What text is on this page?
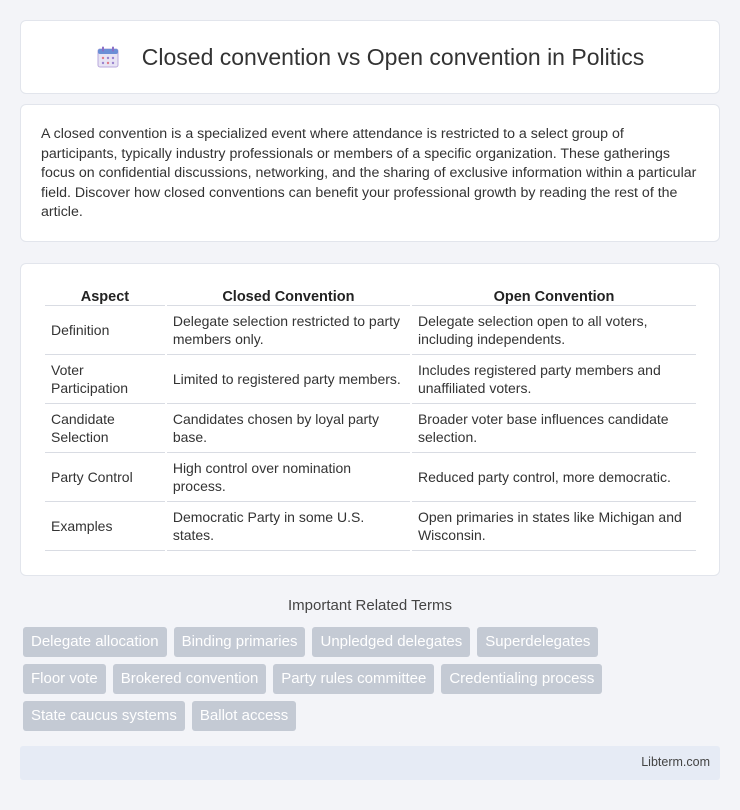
Closed convention vs Open convention in Politics

A closed convention is a specialized event where attendance is restricted to a select group of participants, typically industry professionals or members of a specific organization. These gatherings focus on confidential discussions, networking, and the sharing of exclusive information within a particular field. Discover how closed conventions can benefit your professional growth by reading the rest of the article.

Aspect	Closed Convention	Open Convention
Definition	Delegate selection restricted to party members only.	Delegate selection open to all voters, including independents.
Voter Participation	Limited to registered party members.	Includes registered party members and unaffiliated voters.
Candidate Selection	Candidates chosen by loyal party base.	Broader voter base influences candidate selection.
Party Control	High control over nomination process.	Reduced party control, more democratic.
Examples	Democratic Party in some U.S. states.	Open primaries in states like Michigan and Wisconsin.
Important Related Terms
Delegate allocation	Binding primaries	Unpledged delegates	Superdelegates
Floor vote	Brokered convention	Party rules committee	Credentialing process
State caucus systems	Ballot access
Libterm.com
